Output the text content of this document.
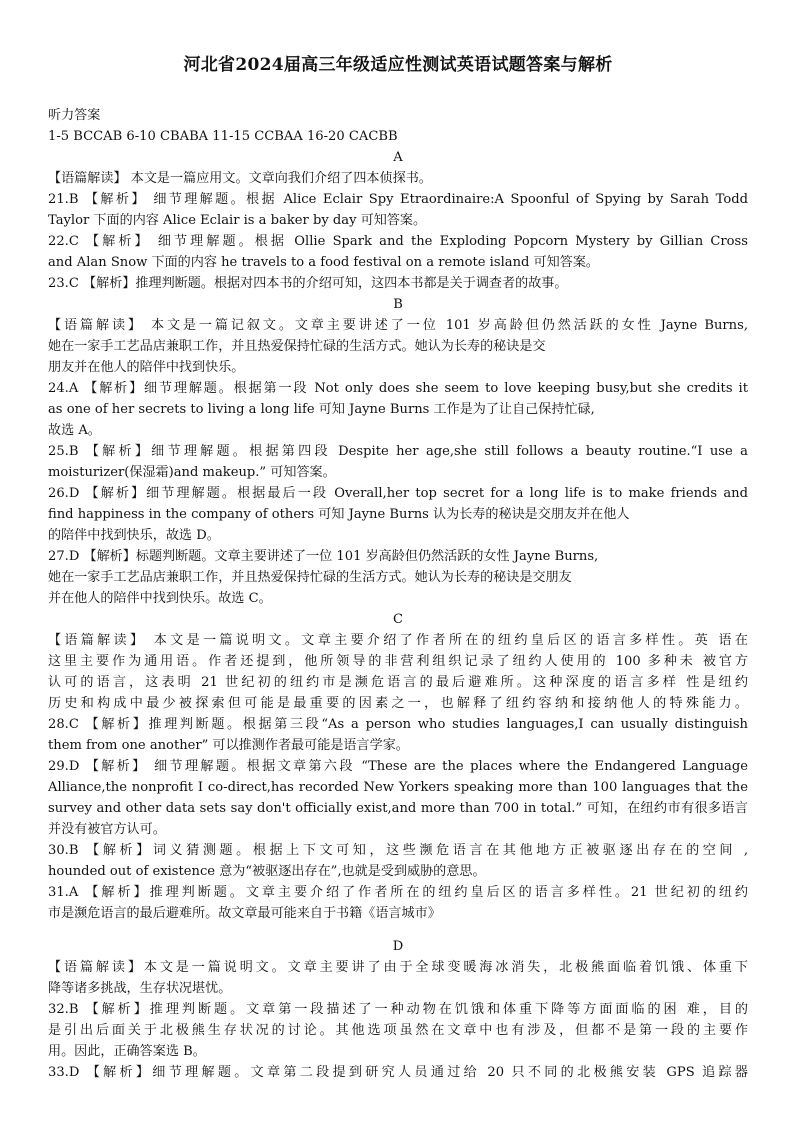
河北省2024届高三年级适应性测试英语试题答案与解析
听力答案
1-5 BCCAB 6-10 CBABA 11-15 CCBAA 16-20 CACBB
A
【语篇解读】 本文是一篇应用文。文章向我们介绍了四本侦探书。
21.B 【解析】 细节理解题。根据 Alice Eclair Spy Etraordinaire:A Spoonful of Spying by Sarah Todd
Taylor 下面的内容 Alice Eclair is a baker by day 可知答案。
22.C 【解析】 细节理解题。根据 Ollie Spark and the Exploding Popcorn Mystery by Gillian Cross
and Alan Snow 下面的内容 he travels to a food festival on a remote island 可知答案。
23.C 【解析】推理判断题。根据对四本书的介绍可知，这四本书都是关于调查者的故事。
B
【语篇解读】 本文是一篇记叙文。文章主要讲述了一位 101 岁高龄但仍然活跃的女性 Jayne Burns,
她在一家手工艺品店兼职工作，并且热爱保持忙碌的生活方式。她认为长寿的秘诀是交
朋友并在他人的陪伴中找到快乐。
24.A 【解析】细节理解题。根据第一段 Not only does she seem to love keeping busy,but she credits it
as one of her secrets to living a long life 可知 Jayne Burns 工作是为了让自己保持忙碌,
故选 A。
25.B 【解析】细节理解题。根据第四段 Despite her age,she still follows a beauty routine.“I use a
moisturizer(保湿霜)and makeup.” 可知答案。
26.D 【解析】细节理解题。根据最后一段 Overall,her top secret for a long life is to make friends and
find happiness in the company of others 可知 Jayne Burns 认为长寿的秘诀是交朋友并在他人
的陪伴中找到快乐，故选 D。
27.D 【解析】标题判断题。文章主要讲述了一位 101 岁高龄但仍然活跃的女性 Jayne Burns,
她在一家手工艺品店兼职工作，并且热爱保持忙碌的生活方式。她认为长寿的秘诀是交朋友
并在他人的陪伴中找到快乐。故选 C。
C
【语篇解读】 本文是一篇说明文。文章主要介绍了作者所在的纽约皇后区的语言多样性。英 语在
这里主要作为通用语。作者还提到，他所领导的非营利组织记录了纽约人使用的 100 多种未 被官方
认可的语言，这表明 21 世纪初的纽约市是濒危语言的最后避难所。这种深度的语言多样 性是纽约
历史和构成中最少被探索但可能是最重要的因素之一，也解释了纽约容纳和接纳他人的特殊能力。
28.C 【解析】推理判断题。根据第三段“As a person who studies languages,I can usually distinguish
them from one another” 可以推测作者最可能是语言学家。
29.D 【解析】 细节理解题。根据文章第六段 “These are the places where the Endangered Language
Alliance,the nonprofit I co-direct,has recorded New Yorkers speaking more than 100 languages that the
survey and other data sets say don't officially exist,and more than 700 in total.” 可知，在纽约市有很多语言
并没有被官方认可。
30.B 【解析】词义猜测题。根据上下文可知，这些濒危语言在其他地方正被驱逐出存在的空间 ,
hounded out of existence 意为“被驱逐出存在”,也就是受到威胁的意思。
31.A 【解析】推理判断题。文章主要介绍了作者所在的纽约皇后区的语言多样性。21 世纪初的纽约
市是濒危语言的最后避难所。故文章最可能来自于书籍《语言城市》
D
【语篇解读】本文是一篇说明文。文章主要讲了由于全球变暖海冰消失，北极熊面临着饥饿、体重下
降等诸多挑战，生存状况堪忧。
32.B 【解析】推理判断题。文章第一段描述了一种动物在饥饿和体重下降等方面面临的困 难，目的
是引出后面关于北极熊生存状况的讨论。其他选项虽然在文章中也有涉及，但都不是第一段的主要作
用。因此，正确答案选 B。
33.D 【解析】细节理解题。文章第二段提到研究人员通过给 20 只不同的北极熊安装 GPS 追踪器
